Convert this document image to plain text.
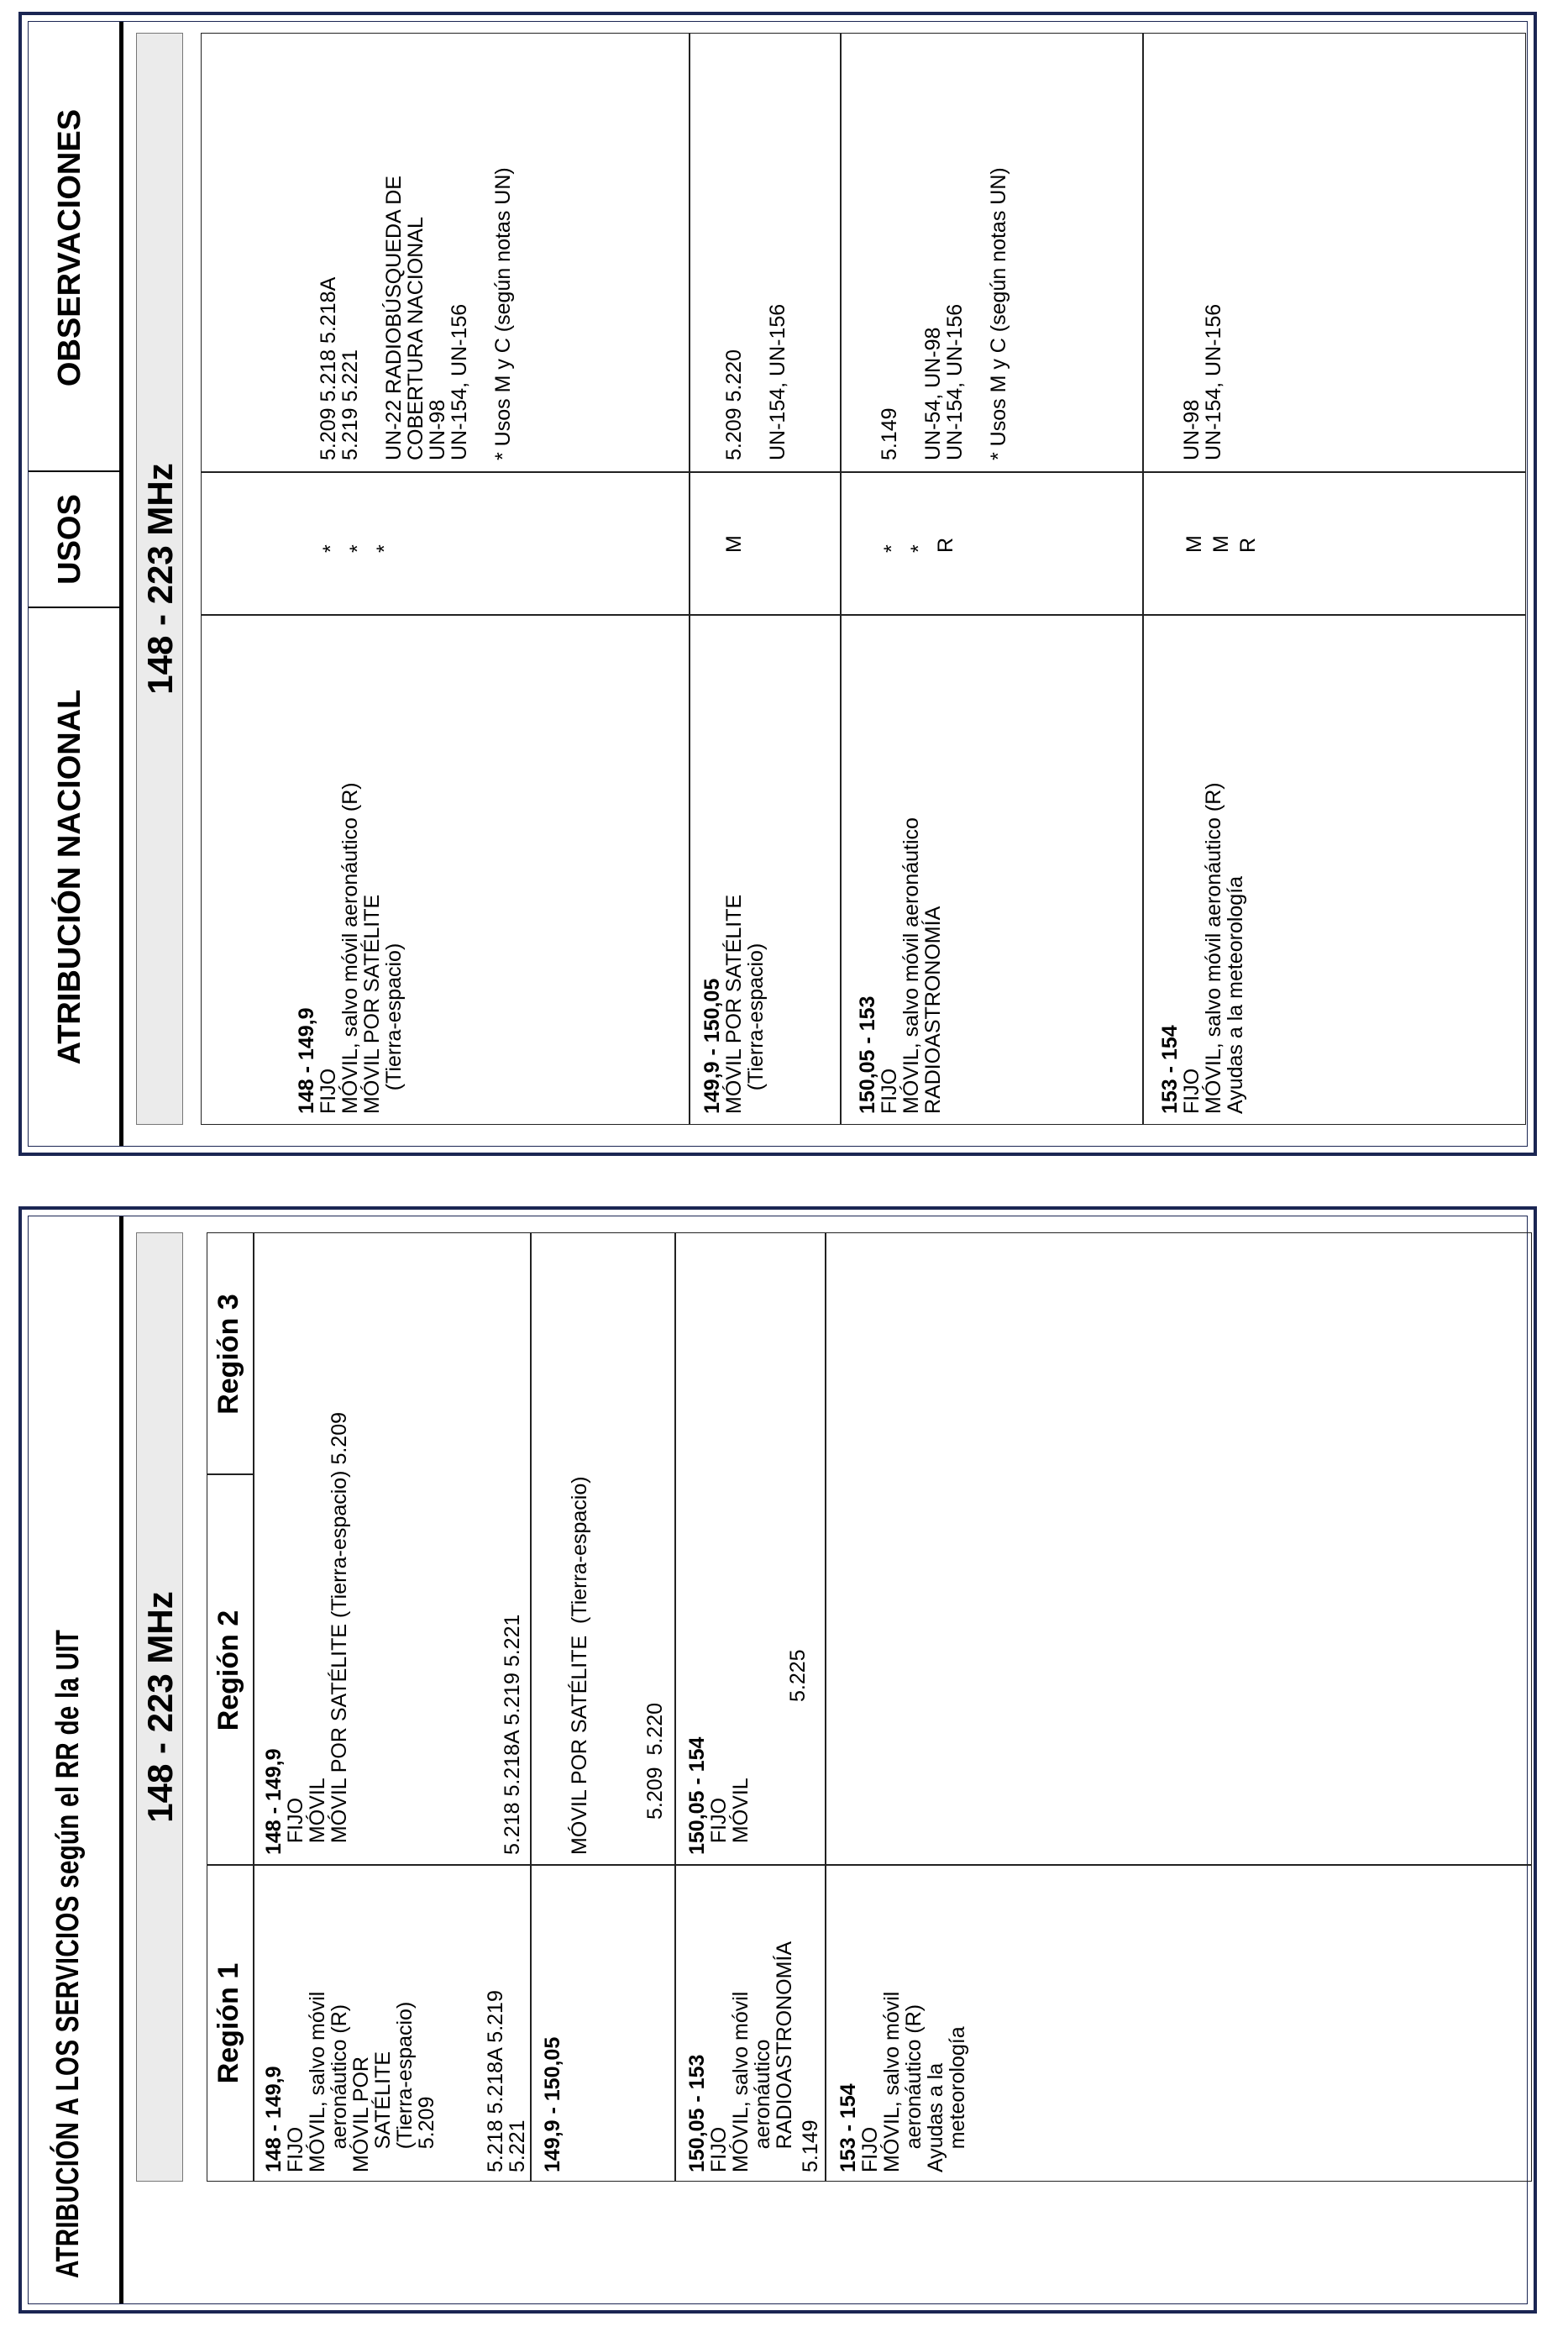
ATRIBUCIÓN A LOS SERVICIOS según el RR de la UIT 148 - 223 MHz
Región 1
Región 2
Región 3
148 - 149,9
FIJO
MÓVIL, salvo móvil
aeronáutico (R)
MÓVIL POR
SATÉLITE
(Tierra-espacio)
5.209 5.218 5.218A 5.219
5.221
148 - 149,9
FIJO
MÓVIL
MÓVIL POR SATÉLITE (Tierra-espacio) 5.209
5.218 5.218A 5.219 5.221
149,9 - 150,05
MÓVIL POR SATÉLITE  (Tierra-espacio) 5.209  5.220
150,05 - 153
FIJO
MÓVIL, salvo móvil
aeronáutico
RADIOASTRONOMÍA 5.149
150,05 - 154
FIJO
MÓVIL
5.225
153 - 154
FIJO
MÓVIL, salvo móvil
aeronáutico (R)
Ayudas a la
meteorología
ATRIBUCIÓN NACIONAL
USOS
OBSERVACIONES
148 - 223 MHz
148 - 149,9
FIJO
MÓVIL, salvo móvil aeronáutico (R)
MÓVIL POR SATÉLITE
(Tierra-espacio)
*
*
*
5.209 5.218 5.218A
5.219 5.221

UN-22 RADIOBÚSQUEDA DE
COBERTURA NACIONAL
UN-98
UN-154, UN-156

* Usos M y C (según notas UN)
149,9 - 150,05
MÓVIL POR SATÉLITE
(Tierra-espacio)
M
5.209 5.220

UN-154, UN-156
150,05 - 153
FIJO
MÓVIL, salvo móvil aeronáutico
RADIOASTRONOMÍA
*
*
R
5.149

UN-54, UN-98
UN-154, UN-156

* Usos M y C (según notas UN)
153 - 154
FIJO
MÓVIL, salvo móvil aeronáutico (R)
Ayudas a la meteorología
M
M
R
UN-98
UN-154, UN-156
